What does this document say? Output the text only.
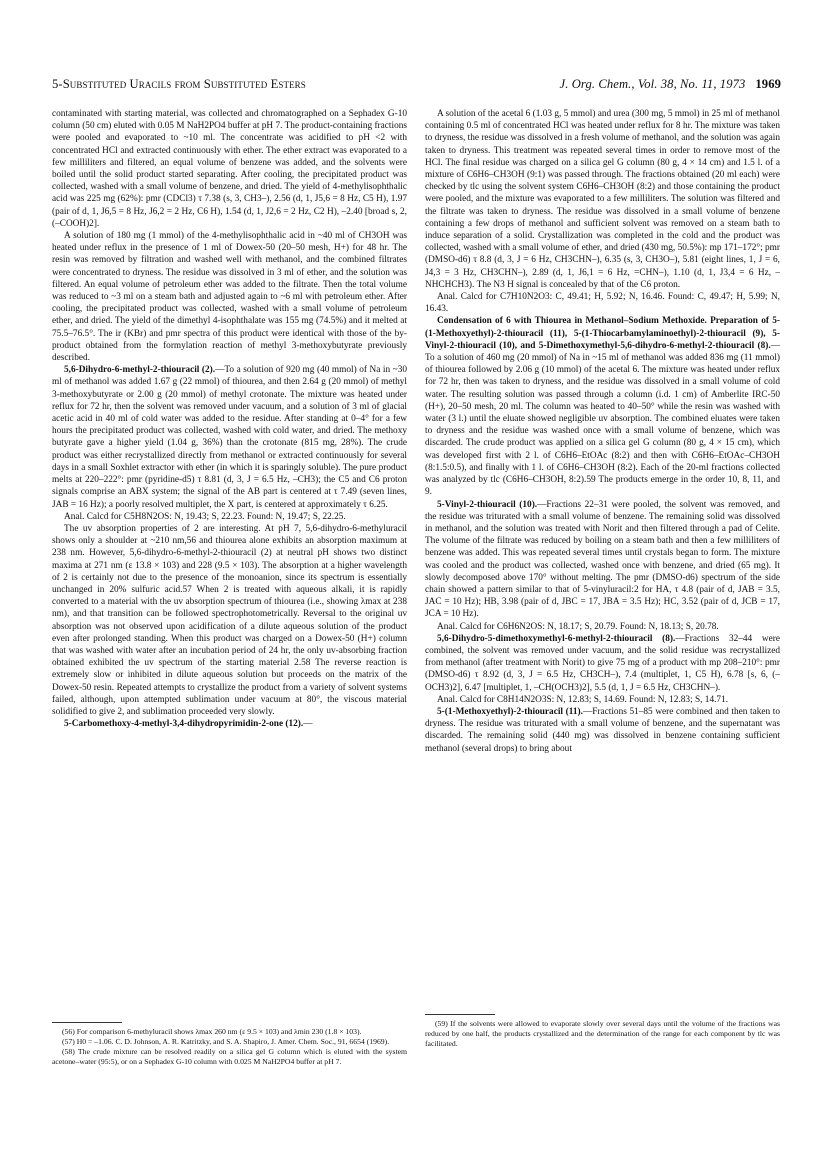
5-Substituted Uracils from Substituted Esters	J. Org. Chem., Vol. 38, No. 11, 1973 1969

contaminated with starting material, was collected and chromatographed on a Sephadex G-10 column (50 cm) eluted with 0.05 M NaH2PO4 buffer at pH 7. The product-containing fractions were pooled and evaporated to ~10 ml. The concentrate was acidified to pH <2 with concentrated HCl and extracted continuously with ether. The ether extract was evaporated to a few milliliters and filtered, an equal volume of benzene was added, and the solvents were boiled until the solid product started separating. After cooling, the precipitated product was collected, washed with a small volume of benzene, and dried. The yield of 4-methylisophthalic acid was 225 mg (62%): pmr (CDCl3) τ 7.38 (s, 3, CH3–), 2.56 (d, 1, J5,6 = 8 Hz, C5 H), 1.97 (pair of d, 1, J6,5 = 8 Hz, J6,2 = 2 Hz, C6 H), 1.54 (d, 1, J2,6 = 2 Hz, C2 H), –2.40 [broad s, 2, (–COOH)2].

A solution of 180 mg (1 mmol) of the 4-methylisophthalic acid in ~40 ml of CH3OH was heated under reflux in the presence of 1 ml of Dowex-50 (20–50 mesh, H+) for 48 hr. The resin was removed by filtration and washed well with methanol, and the combined filtrates were concentrated to dryness. The residue was dissolved in 3 ml of ether, and the solution was filtered. An equal volume of petroleum ether was added to the filtrate. Then the total volume was reduced to ~3 ml on a steam bath and adjusted again to ~6 ml with petroleum ether. After cooling, the precipitated product was collected, washed with a small volume of petroleum ether, and dried. The yield of the dimethyl 4-isophthalate was 155 mg (74.5%) and it melted at 75.5–76.5°. The ir (KBr) and pmr spectra of this product were identical with those of the by-product obtained from the formylation reaction of methyl 3-methoxybutyrate previously described.

5,6-Dihydro-6-methyl-2-thiouracil (2).—To a solution of 920 mg (40 mmol) of Na in ~30 ml of methanol was added 1.67 g (22 mmol) of thiourea, and then 2.64 g (20 mmol) of methyl 3-methoxybutyrate or 2.00 g (20 mmol) of methyl crotonate. The mixture was heated under reflux for 72 hr, then the solvent was removed under vacuum, and a solution of 3 ml of glacial acetic acid in 40 ml of cold water was added to the residue. After standing at 0–4° for a few hours the precipitated product was collected, washed with cold water, and dried. The methoxy butyrate gave a higher yield (1.04 g, 36%) than the crotonate (815 mg, 28%). The crude product was either recrystallized directly from methanol or extracted continuously for several days in a small Soxhlet extractor with ether (in which it is sparingly soluble). The pure product melts at 220–222°: pmr (pyridine-d5) τ 8.81 (d, 3, J = 6.5 Hz, –CH3); the C5 and C6 proton signals comprise an ABX system; the signal of the AB part is centered at τ 7.49 (seven lines, JAB = 16 Hz); a poorly resolved multiplet, the X part, is centered at approximately τ 6.25.

Anal. Calcd for C5H8N2OS: N, 19.43; S, 22.23. Found: N, 19.47; S, 22.25.

The uv absorption properties of 2 are interesting. At pH 7, 5,6-dihydro-6-methyluracil shows only a shoulder at ~210 nm,56 and thiourea alone exhibits an absorption maximum at 238 nm. However, 5,6-dihydro-6-methyl-2-thiouracil (2) at neutral pH shows two distinct maxima at 271 nm (ε 13.8 × 103) and 228 (9.5 × 103). The absorption at a higher wavelength of 2 is certainly not due to the presence of the monoanion, since its spectrum is essentially unchanged in 20% sulfuric acid.57 When 2 is treated with aqueous alkali, it is rapidly converted to a material with the uv absorption spectrum of thiourea (i.e., showing λmax at 238 nm), and that transition can be followed spectrophotometrically. Reversal to the original uv absorption was not observed upon acidification of a dilute aqueous solution of the product even after prolonged standing. When this product was charged on a Dowex-50 (H+) column that was washed with water after an incubation period of 24 hr, the only uv-absorbing fraction obtained exhibited the uv spectrum of the starting material 2.58 The reverse reaction is extremely slow or inhibited in dilute aqueous solution but proceeds on the matrix of the Dowex-50 resin. Repeated attempts to crystallize the product from a variety of solvent systems failed, although, upon attempted sublimation under vacuum at 80°, the viscous material solidified to give 2, and sublimation proceeded very slowly.

5-Carbomethoxy-4-methyl-3,4-dihydropyrimidin-2-one (12).—

(56) For comparison 6-methyluracil shows λmax 260 nm (ε 9.5 × 103) and λmin 230 (1.8 × 103).

(57) H0 = –1.06. C. D. Johnson, A. R. Katritzky, and S. A. Shapiro, J. Amer. Chem. Soc., 91, 6654 (1969).

(58) The crude mixture can be resolved readily on a silica gel G column which is eluted with the system acetone–water (95:5), or on a Sephadex G-10 column with 0.025 M NaH2PO4 buffer at pH 7.

A solution of the acetal 6 (1.03 g, 5 mmol) and urea (300 mg, 5 mmol) in 25 ml of methanol containing 0.5 ml of concentrated HCl was heated under reflux for 8 hr. The mixture was taken to dryness, the residue was dissolved in a fresh volume of methanol, and the solution was again taken to dryness. This treatment was repeated several times in order to remove most of the HCl. The final residue was charged on a silica gel G column (80 g, 4 × 14 cm) and 1.5 l. of a mixture of C6H6–CH3OH (9:1) was passed through. The fractions obtained (20 ml each) were checked by tlc using the solvent system C6H6–CH3OH (8:2) and those containing the product were pooled, and the mixture was evaporated to a few milliliters. The solution was filtered and the filtrate was taken to dryness. The residue was dissolved in a small volume of benzene containing a few drops of methanol and sufficient solvent was removed on a steam bath to induce separation of a solid. Crystallization was completed in the cold and the product was collected, washed with a small volume of ether, and dried (430 mg, 50.5%): mp 171–172°; pmr (DMSO-d6) τ 8.8 (d, 3, J = 6 Hz, CH3CHN–), 6.35 (s, 3, CH3O–), 5.81 (eight lines, 1, J = 6, J4,3 = 3 Hz, CH3CHN–), 2.89 (d, 1, J6,1 = 6 Hz, =CHN–), 1.10 (d, 1, J3,4 = 6 Hz, –NHCHCH3). The N3 H signal is concealed by that of the C6 proton.

Anal. Calcd for C7H10N2O3: C, 49.41; H, 5.92; N, 16.46. Found: C, 49.47; H, 5.99; N, 16.43.

Condensation of 6 with Thiourea in Methanol–Sodium Methoxide. Preparation of 5-(1-Methoxyethyl)-2-thiouracil (11), 5-(1-Thiocarbamylaminoethyl)-2-thiouracil (9), 5-Vinyl-2-thiouracil (10), and 5-Dimethoxymethyl-5,6-dihydro-6-methyl-2-thiouracil (8).—To a solution of 460 mg (20 mmol) of Na in ~15 ml of methanol was added 836 mg (11 mmol) of thiourea followed by 2.06 g (10 mmol) of the acetal 6. The mixture was heated under reflux for 72 hr, then was taken to dryness, and the residue was dissolved in a small volume of cold water. The resulting solution was passed through a column (i.d. 1 cm) of Amberlite IRC-50 (H+), 20–50 mesh, 20 ml. The column was heated to 40–50° while the resin was washed with water (3 l.) until the eluate showed negligible uv absorption. The combined eluates were taken to dryness and the residue was washed once with a small volume of benzene, which was discarded. The crude product was applied on a silica gel G column (80 g, 4 × 15 cm), which was developed first with 2 l. of C6H6–EtOAc (8:2) and then with C6H6–EtOAc–CH3OH (8:1.5:0.5), and finally with 1 l. of C6H6–CH3OH (8:2). Each of the 20-ml fractions collected was analyzed by tlc (C6H6–CH3OH, 8:2).59 The products emerge in the order 10, 8, 11, and 9.

5-Vinyl-2-thiouracil (10).—Fractions 22–31 were pooled, the solvent was removed, and the residue was triturated with a small volume of benzene. The remaining solid was dissolved in methanol, and the solution was treated with Norit and then filtered through a pad of Celite. The volume of the filtrate was reduced by boiling on a steam bath and then a few milliliters of benzene was added. This was repeated several times until crystals began to form. The mixture was cooled and the product was collected, washed once with benzene, and dried (65 mg). It slowly decomposed above 170° without melting. The pmr (DMSO-d6) spectrum of the side chain showed a pattern similar to that of 5-vinyluracil:2 for HA, τ 4.8 (pair of d, JAB = 3.5, JAC = 10 Hz); HB, 3.98 (pair of d, JBC = 17, JBA = 3.5 Hz); HC, 3.52 (pair of d, JCB = 17, JCA = 10 Hz).

Anal. Calcd for C6H6N2OS: N, 18.17; S, 20.79. Found: N, 18.13; S, 20.78.

5,6-Dihydro-5-dimethoxymethyl-6-methyl-2-thiouracil (8).—Fractions 32–44 were combined, the solvent was removed under vacuum, and the solid residue was recrystallized from methanol (after treatment with Norit) to give 75 mg of a product with mp 208–210°: pmr (DMSO-d6) τ 8.92 (d, 3, J = 6.5 Hz, CH3CH–), 7.4 (multiplet, 1, C5 H), 6.78 [s, 6, (–OCH3)2], 6.47 [multiplet, 1, –CH(OCH3)2], 5.5 (d, 1, J = 6.5 Hz, CH3CHN–).

Anal. Calcd for C8H14N2O3S: N, 12.83; S, 14.69. Found: N, 12.83; S, 14.71.

5-(1-Methoxyethyl)-2-thiouracil (11).—Fractions 51–85 were combined and then taken to dryness. The residue was triturated with a small volume of benzene, and the supernatant was discarded. The remaining solid (440 mg) was dissolved in benzene containing sufficient methanol (several drops) to bring about

(59) If the solvents were allowed to evaporate slowly over several days until the volume of the fractions was reduced by one half, the products crystallized and the determination of the range for each component by tlc was facilitated.
